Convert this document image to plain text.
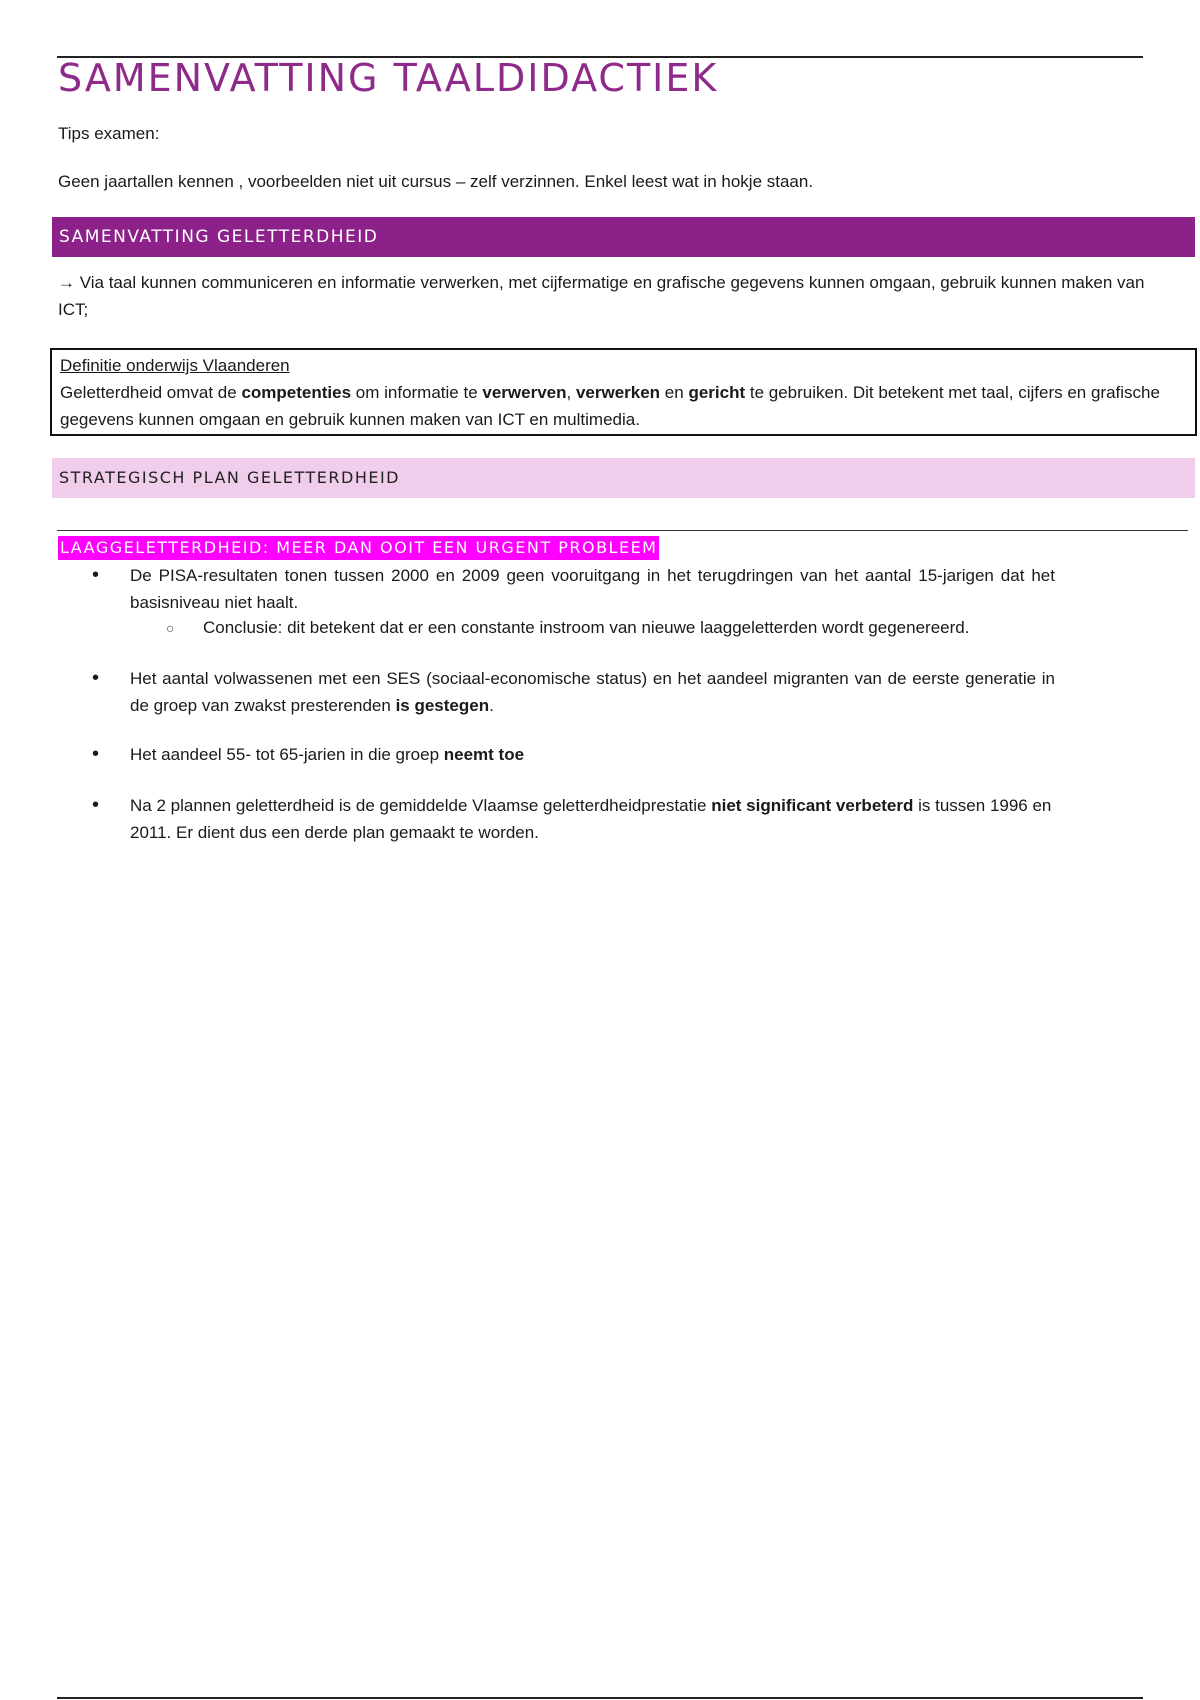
SAMENVATTING TAALDIDACTIEK
Tips examen:
Geen jaartallen kennen , voorbeelden niet uit cursus – zelf verzinnen. Enkel leest wat in hokje staan.
SAMENVATTING GELETTERDHEID
→ Via taal kunnen communiceren en informatie verwerken, met cijfermatige en grafische gegevens kunnen omgaan, gebruik kunnen maken van ICT;
Definitie onderwijs Vlaanderen
Geletterdheid omvat de competenties om informatie te verwerven, verwerken en gericht te gebruiken. Dit betekent met taal, cijfers en grafische gegevens kunnen omgaan en gebruik kunnen maken van ICT en multimedia.
STRATEGISCH PLAN GELETTERDHEID
LAAGGELETTERDHEID: MEER DAN OOIT EEN URGENT PROBLEEM
• De PISA-resultaten tonen tussen 2000 en 2009 geen vooruitgang in het terugdringen van het aantal 15-jarigen dat het basisniveau niet haalt.
○ Conclusie: dit betekent dat er een constante instroom van nieuwe laaggeletterden wordt gegenereerd.
• Het aantal volwassenen met een SES (sociaal-economische status) en het aandeel migranten van de eerste generatie in de groep van zwakst presterenden is gestegen.
• Het aandeel 55- tot 65-jarien in die groep neemt toe
• Na 2 plannen geletterdheid is de gemiddelde Vlaamse geletterdheidprestatie niet significant verbeterd is tussen 1996 en 2011. Er dient dus een derde plan gemaakt te worden.
